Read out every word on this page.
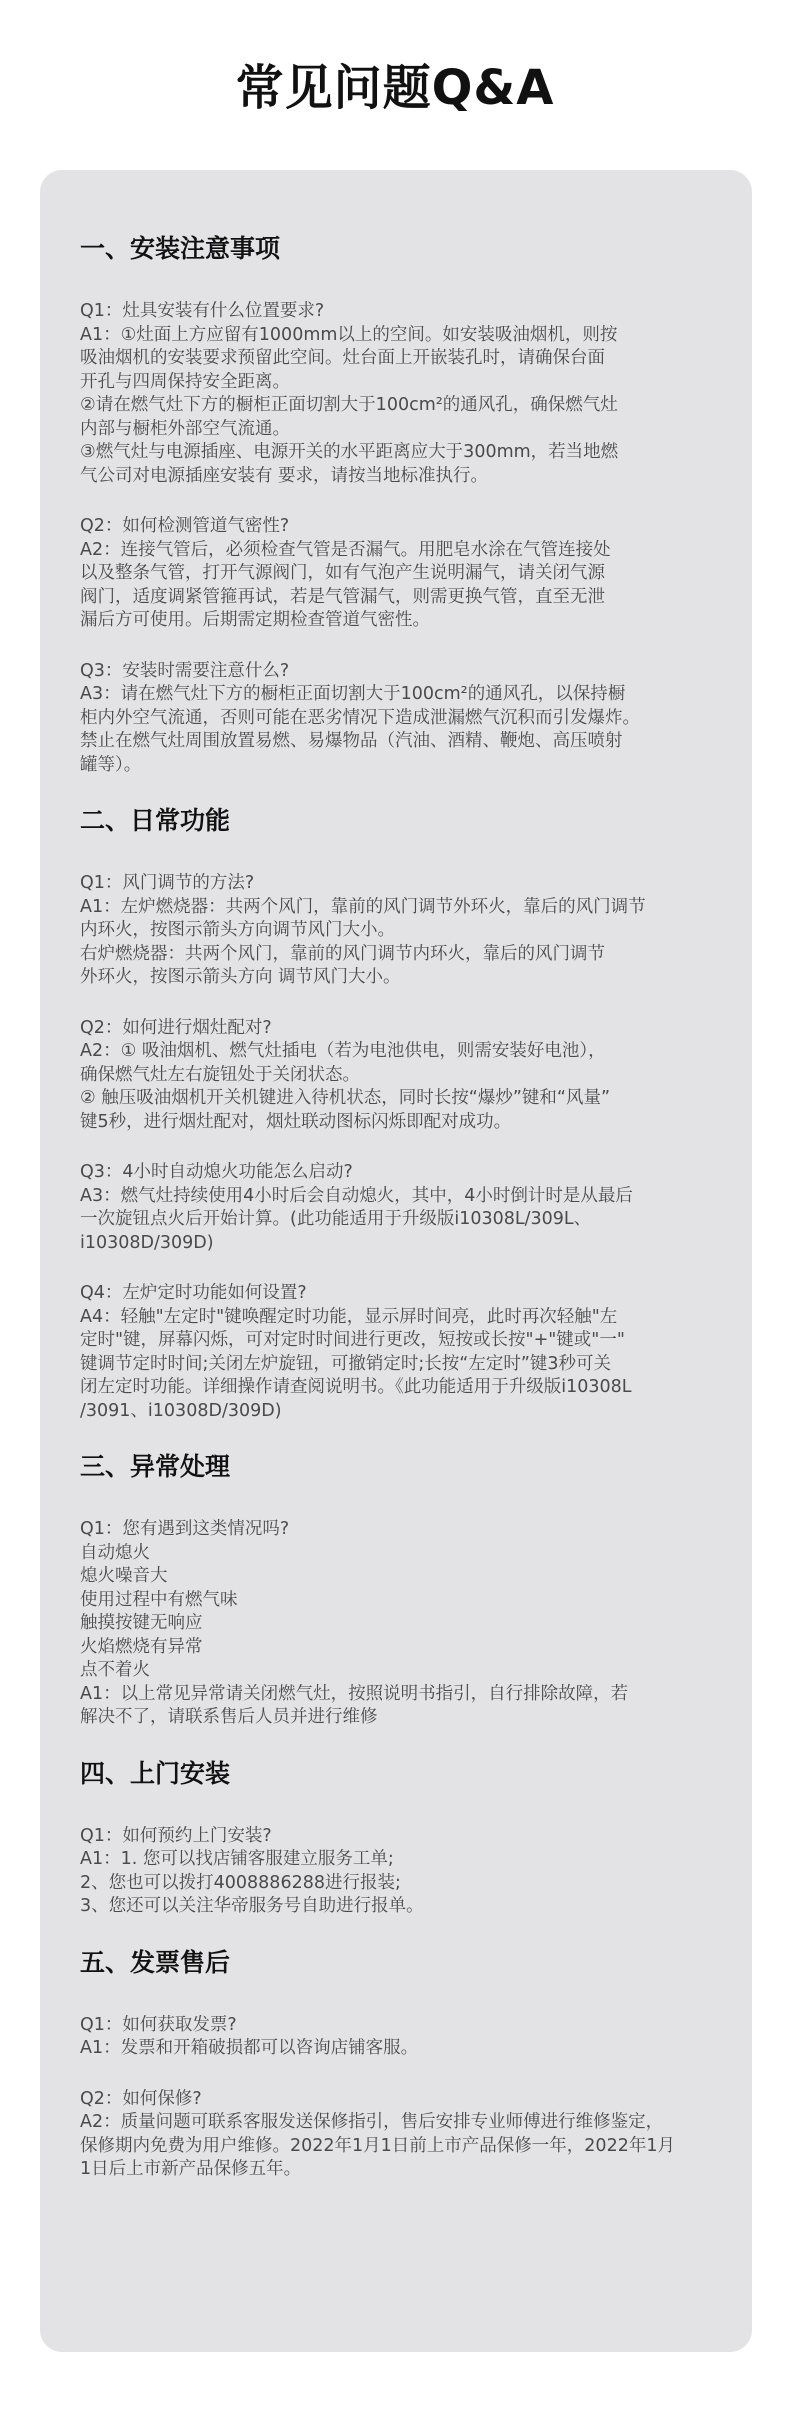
常见问题Q&A
一、安装注意事项
Q1：灶具安装有什么位置要求?
A1：①灶面上方应留有1000mm以上的空间。如安装吸油烟机，则按
吸油烟机的安装要求预留此空间。灶台面上开嵌装孔时，请确保台面
开孔与四周保持安全距离。
②请在燃气灶下方的橱柜正面切割大于100cm²的通风孔，确保燃气灶
内部与橱柜外部空气流通。
③燃气灶与电源插座、电源开关的水平距离应大于300mm，若当地燃
气公司对电源插座安装有 要求，请按当地标准执行。
Q2：如何检测管道气密性?
A2：连接气管后，必须检查气管是否漏气。用肥皂水涂在气管连接处
以及整条气管，打开气源阀门，如有气泡产生说明漏气，请关闭气源
阀门，适度调紧管箍再试，若是气管漏气，则需更换气管，直至无泄
漏后方可使用。后期需定期检查管道气密性。
Q3：安装时需要注意什么?
A3：请在燃气灶下方的橱柜正面切割大于100cm²的通风孔，以保持橱
柜内外空气流通，否则可能在恶劣情况下造成泄漏燃气沉积而引发爆炸。
禁止在燃气灶周围放置易燃、易爆物品（汽油、酒精、鞭炮、高压喷射
罐等）。
二、日常功能
Q1：风门调节的方法?
A1：左炉燃烧器：共两个风门，靠前的风门调节外环火，靠后的风门调节
内环火，按图示箭头方向调节风门大小。
右炉燃烧器：共两个风门，靠前的风门调节内环火，靠后的风门调节
外环火，按图示箭头方向 调节风门大小。
Q2：如何进行烟灶配对?
A2：① 吸油烟机、燃气灶插电（若为电池供电，则需安装好电池），
确保燃气灶左右旋钮处于关闭状态。
② 触压吸油烟机开关机键进入待机状态，同时长按“爆炒”键和“风量”
键5秒，进行烟灶配对，烟灶联动图标闪烁即配对成功。
Q3：4小时自动熄火功能怎么启动?
A3：燃气灶持续使用4小时后会自动熄火，其中，4小时倒计时是从最后
一次旋钮点火后开始计算。(此功能适用于升级版i10308L/309L、
i10308D/309D)
Q4：左炉定时功能如何设置?
A4：轻触"左定时"键唤醒定时功能，显示屏时间亮，此时再次轻触"左
定时"键，屏幕闪烁，可对定时时间进行更改，短按或长按"+"键或"一"
键调节定时时间;关闭左炉旋钮，可撤销定时;长按“左定时”键3秒可关
闭左定时功能。详细操作请查阅说明书。《此功能适用于升级版i10308L
/3091、i10308D/309D)
三、异常处理
Q1：您有遇到这类情况吗?
自动熄火
熄火噪音大
使用过程中有燃气味
触摸按键无响应
火焰燃烧有异常
点不着火
A1：以上常见异常请关闭燃气灶，按照说明书指引，自行排除故障，若
解决不了，请联系售后人员并进行维修
四、上门安装
Q1：如何预约上门安装?
A1：1. 您可以找店铺客服建立服务工单;
2、您也可以拨打4008886288进行报装;
3、您还可以关注华帝服务号自助进行报单。
五、发票售后
Q1：如何获取发票?
A1：发票和开箱破损都可以咨询店铺客服。
Q2：如何保修?
A2：质量问题可联系客服发送保修指引，售后安排专业师傅进行维修鉴定，
保修期内免费为用户维修。2022年1月1日前上市产品保修一年，2022年1月
1日后上市新产品保修五年。
